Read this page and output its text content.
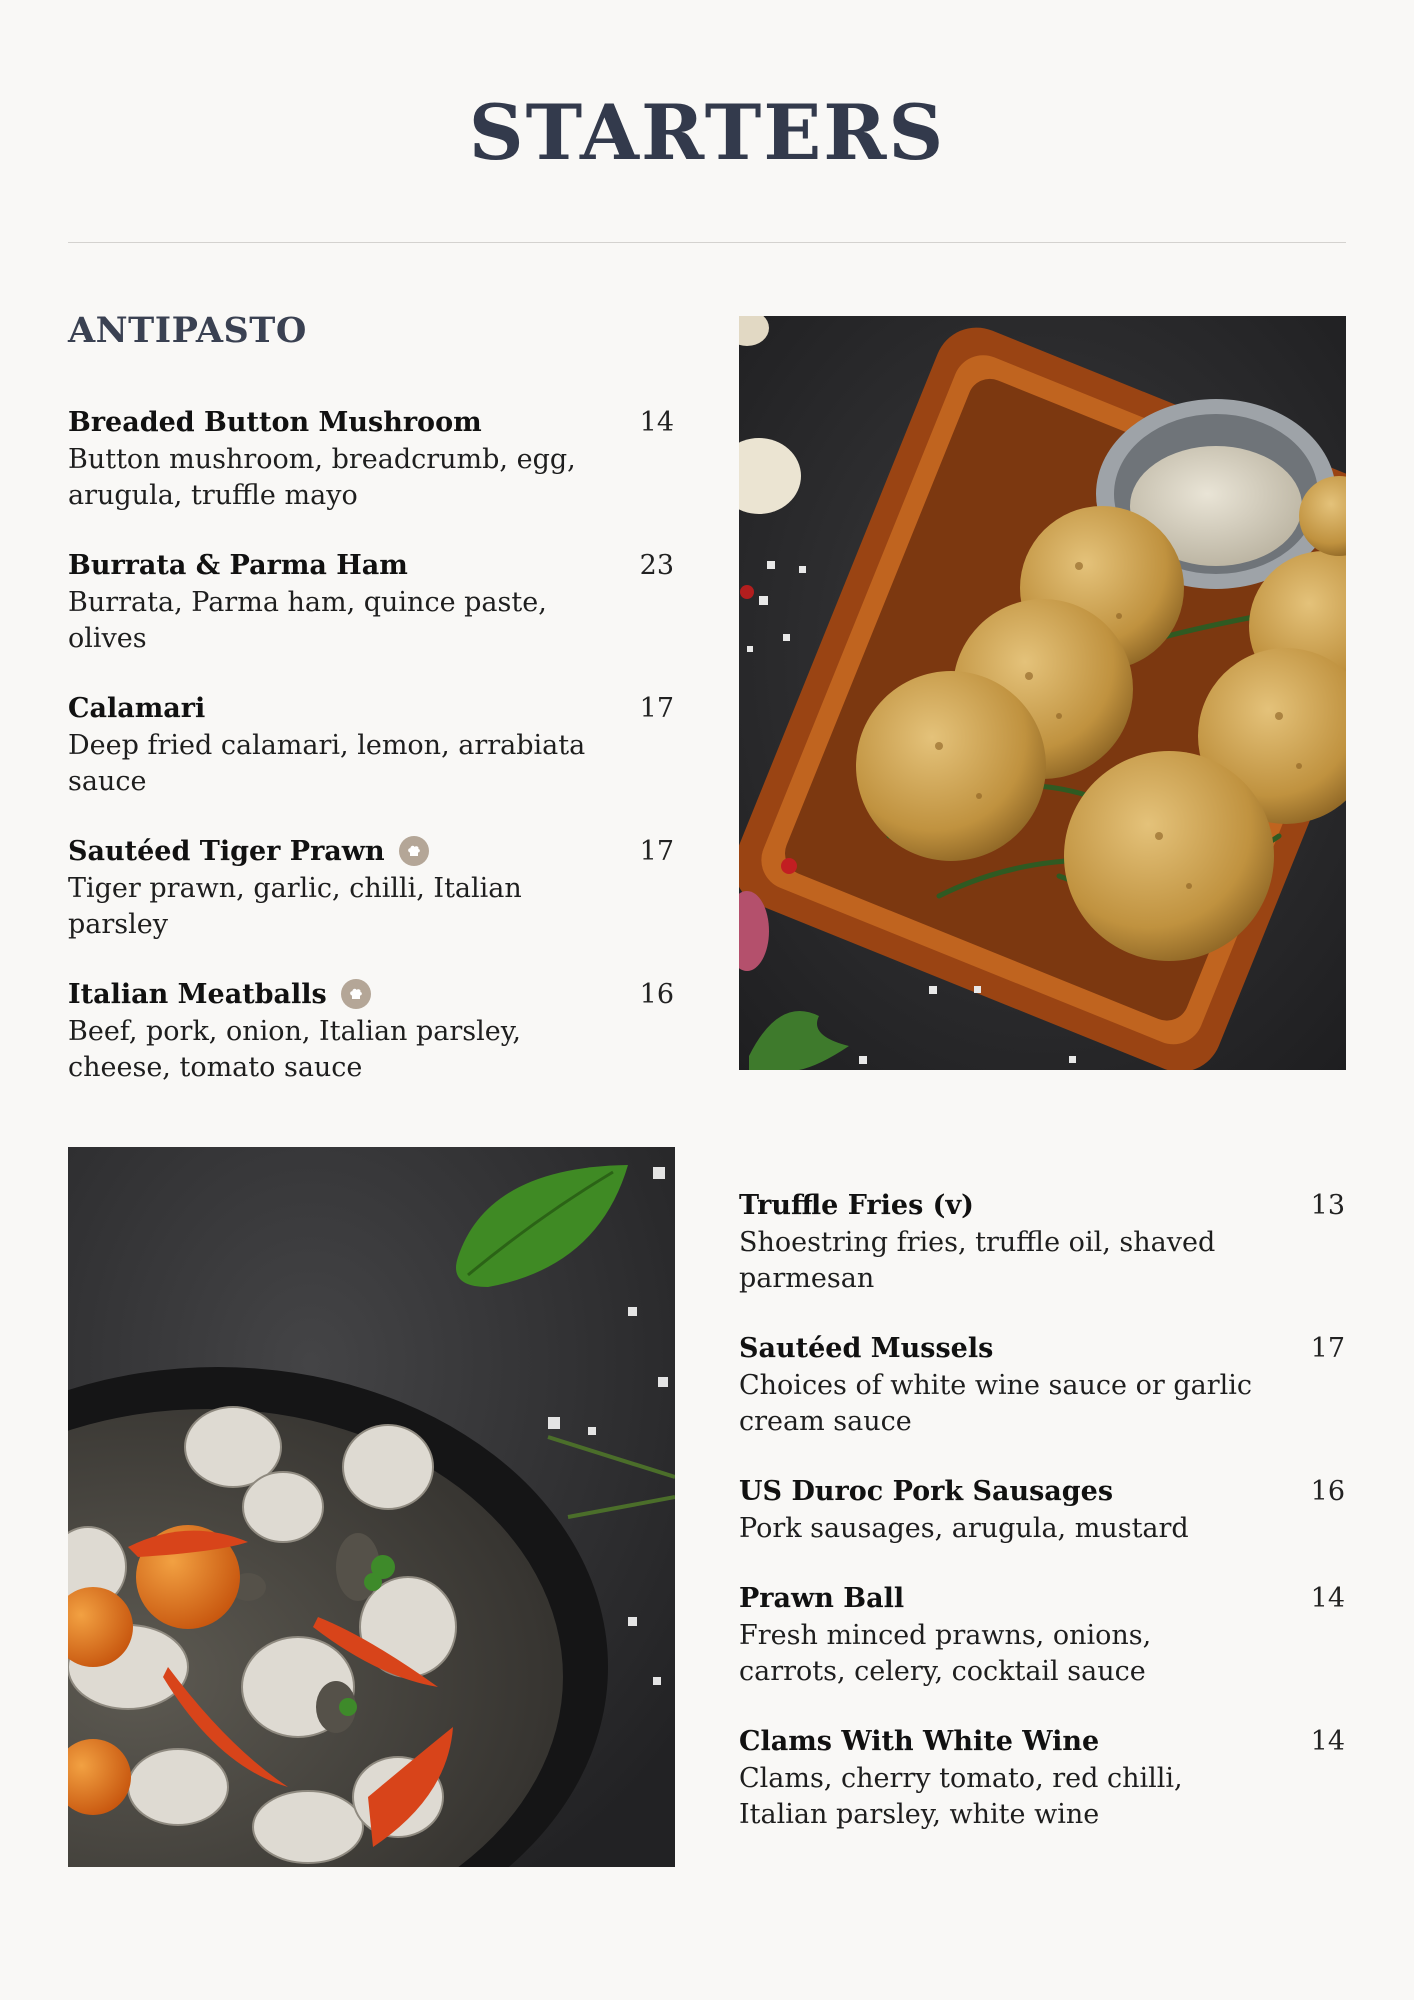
STARTERS
ANTIPASTO
Breaded Button Mushroom	14

Button mushroom, breadcrumb, egg, arugula, truffle mayo

Burrata & Parma Ham	23

Burrata, Parma ham, quince paste, olives

Calamari	17

Deep fried calamari, lemon, arrabiata sauce

Sautéed Tiger Prawn	17

Tiger prawn, garlic, chilli, Italian parsley

Italian Meatballs	16

Beef, pork, onion, Italian parsley, cheese, tomato sauce

Truffle Fries (v)	13

Shoestring fries, truffle oil, shaved parmesan

Sautéed Mussels	17

Choices of white wine sauce or garlic cream sauce

US Duroc Pork Sausages	16

Pork sausages, arugula, mustard

Prawn Ball	14

Fresh minced prawns, onions, carrots, celery, cocktail sauce

Clams With White Wine	14

Clams, cherry tomato, red chilli, Italian parsley, white wine
